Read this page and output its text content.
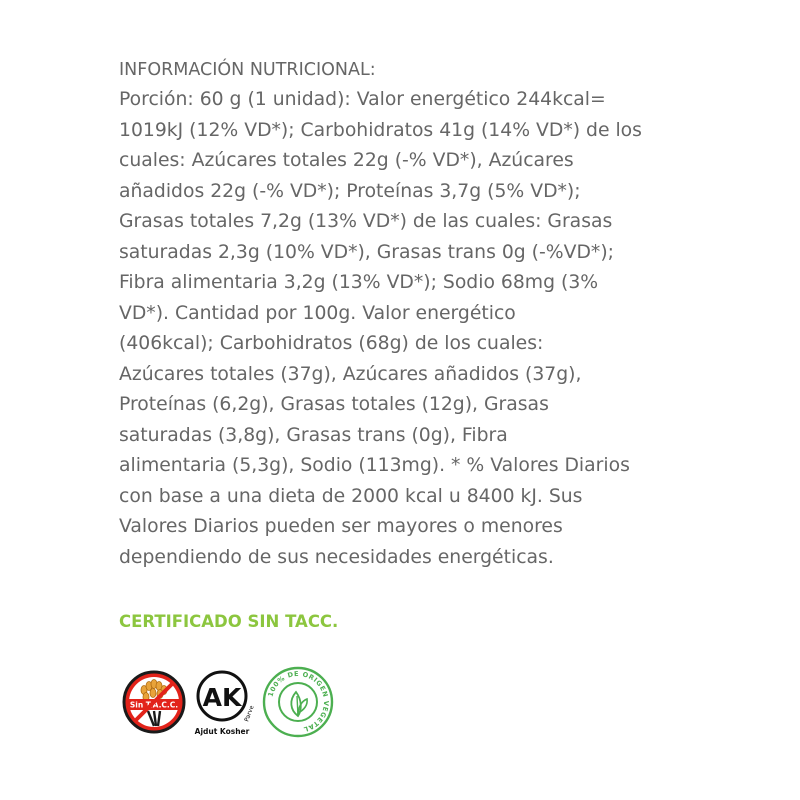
INFORMACIÓN NUTRICIONAL:
Porción: 60 g (1 unidad): Valor energético 244kcal=
1019kJ (12% VD*); Carbohidratos 41g (14% VD*) de los
cuales: Azúcares totales 22g (-% VD*), Azúcares
añadidos 22g (-% VD*); Proteínas 3,7g (5% VD*);
Grasas totales 7,2g (13% VD*) de las cuales: Grasas
saturadas 2,3g (10% VD*), Grasas trans 0g (-%VD*);
Fibra alimentaria 3,2g (13% VD*); Sodio 68mg (3%
VD*). Cantidad por 100g. Valor energético
(406kcal); Carbohidratos (68g) de los cuales:
Azúcares totales (37g), Azúcares añadidos (37g),
Proteínas (6,2g), Grasas totales (12g), Grasas
saturadas (3,8g), Grasas trans (0g), Fibra
alimentaria (5,3g), Sodio (113mg). * % Valores Diarios
con base a una dieta de 2000 kcal u 8400 kJ. Sus
Valores Diarios pueden ser mayores o menores
dependiendo de sus necesidades energéticas.
CERTIFICADO SIN TACC.
Sin T.A.C.C. AK
Parve
Ajdut Kosher
100% DE ORIGEN VEGETAL
